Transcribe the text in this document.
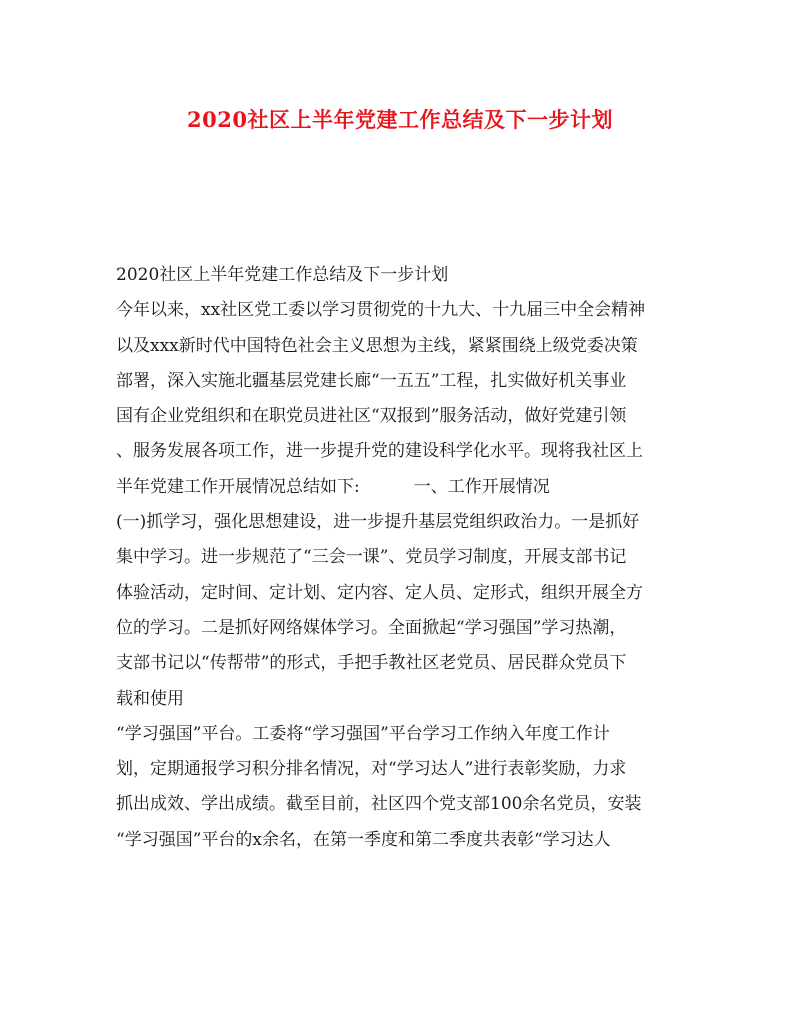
2020社区上半年党建工作总结及下一步计划
2020社区上半年党建工作总结及下一步计划
今年以来，xx社区党工委以学习贯彻党的十九大、十九届三中全会精神
以及xxx新时代中国特色社会主义思想为主线，紧紧围绕上级党委决策
部署，深入实施北疆基层党建长廊“一五五”工程，扎实做好机关事业
国有企业党组织和在职党员进社区“双报到”服务活动，做好党建引领
、服务发展各项工作，进一步提升党的建设科学化水平。现将我社区上
半年党建工作开展情况总结如下:          一、工作开展情况
(一)抓学习，强化思想建设，进一步提升基层党组织政治力。一是抓好
集中学习。进一步规范了“三会一课”、党员学习制度，开展支部书记
体验活动，定时间、定计划、定内容、定人员、定形式，组织开展全方
位的学习。二是抓好网络媒体学习。全面掀起“学习强国”学习热潮，
支部书记以“传帮带”的形式，手把手教社区老党员、居民群众党员下
载和使用
“学习强国”平台。工委将“学习强国”平台学习工作纳入年度工作计
划，定期通报学习积分排名情况，对“学习达人”进行表彰奖励，力求
抓出成效、学出成绩。截至目前，社区四个党支部100余名党员，安装
“学习强国”平台的x余名，在第一季度和第二季度共表彰“学习达人
